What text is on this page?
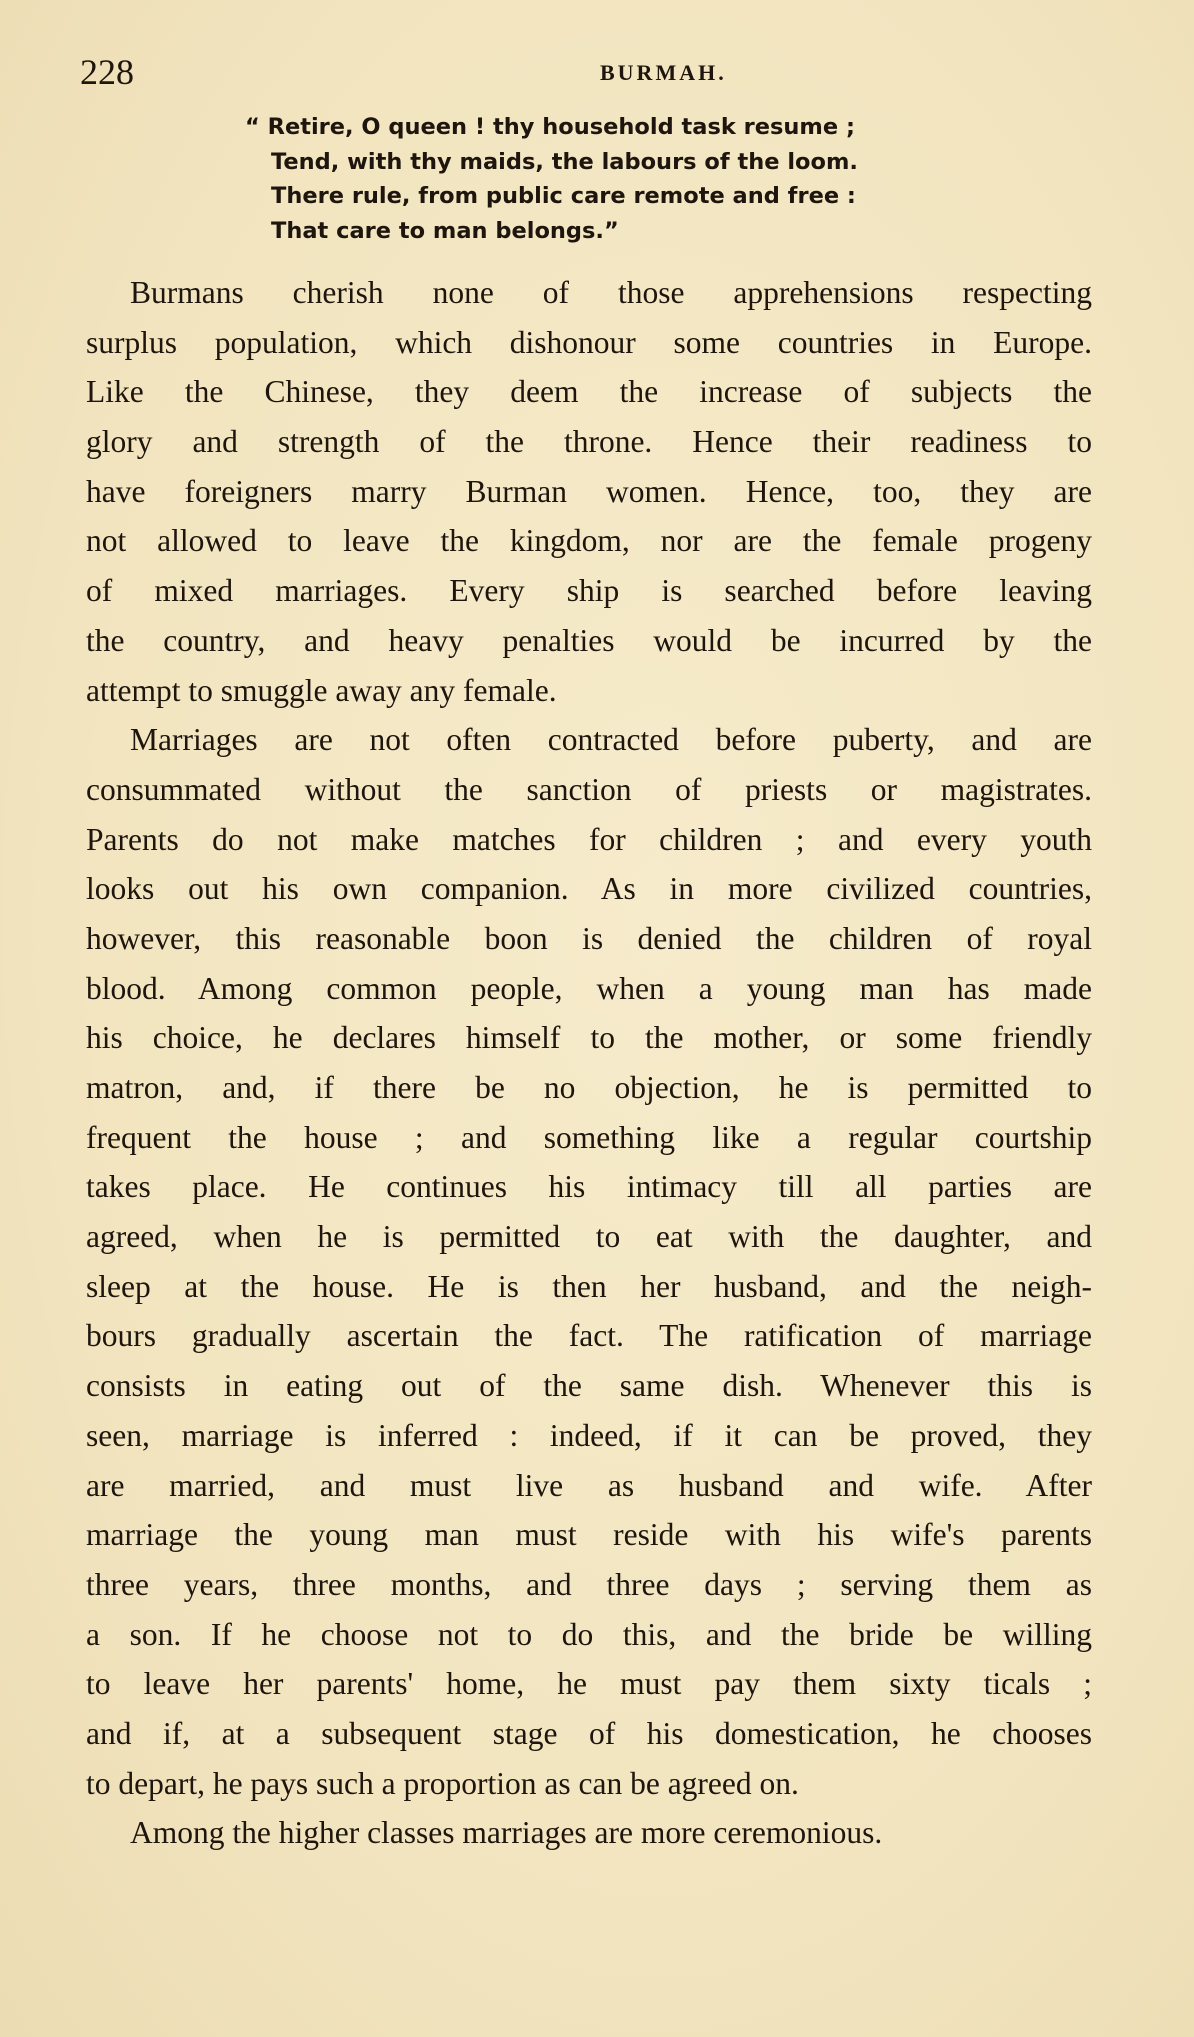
228	BURMAH.
“ Retire, O queen ! thy household task resume ;
Tend, with thy maids, the labours of the loom.
There rule, from public care remote and free :
That care to man belongs.”
Burmans cherish none of those apprehensions respecting
surplus population, which dishonour some countries in Europe.
Like the Chinese, they deem the increase of subjects the
glory and strength of the throne. Hence their readiness to
have foreigners marry Burman women. Hence, too, they are
not allowed to leave the kingdom, nor are the female progeny
of mixed marriages. Every ship is searched before leaving
the country, and heavy penalties would be incurred by the
attempt to smuggle away any female.
Marriages are not often contracted before puberty, and are
consummated without the sanction of priests or magistrates.
Parents do not make matches for children ; and every youth
looks out his own companion. As in more civilized countries,
however, this reasonable boon is denied the children of royal
blood. Among common people, when a young man has made
his choice, he declares himself to the mother, or some friendly
matron, and, if there be no objection, he is permitted to
frequent the house ; and something like a regular courtship
takes place. He continues his intimacy till all parties are
agreed, when he is permitted to eat with the daughter, and
sleep at the house. He is then her husband, and the neigh-
bours gradually ascertain the fact. The ratification of marriage
consists in eating out of the same dish. Whenever this is
seen, marriage is inferred : indeed, if it can be proved, they
are married, and must live as husband and wife. After
marriage the young man must reside with his wife's parents
three years, three months, and three days ; serving them as
a son. If he choose not to do this, and the bride be willing
to leave her parents' home, he must pay them sixty ticals ;
and if, at a subsequent stage of his domestication, he chooses
to depart, he pays such a proportion as can be agreed on.
Among the higher classes marriages are more ceremonious.
